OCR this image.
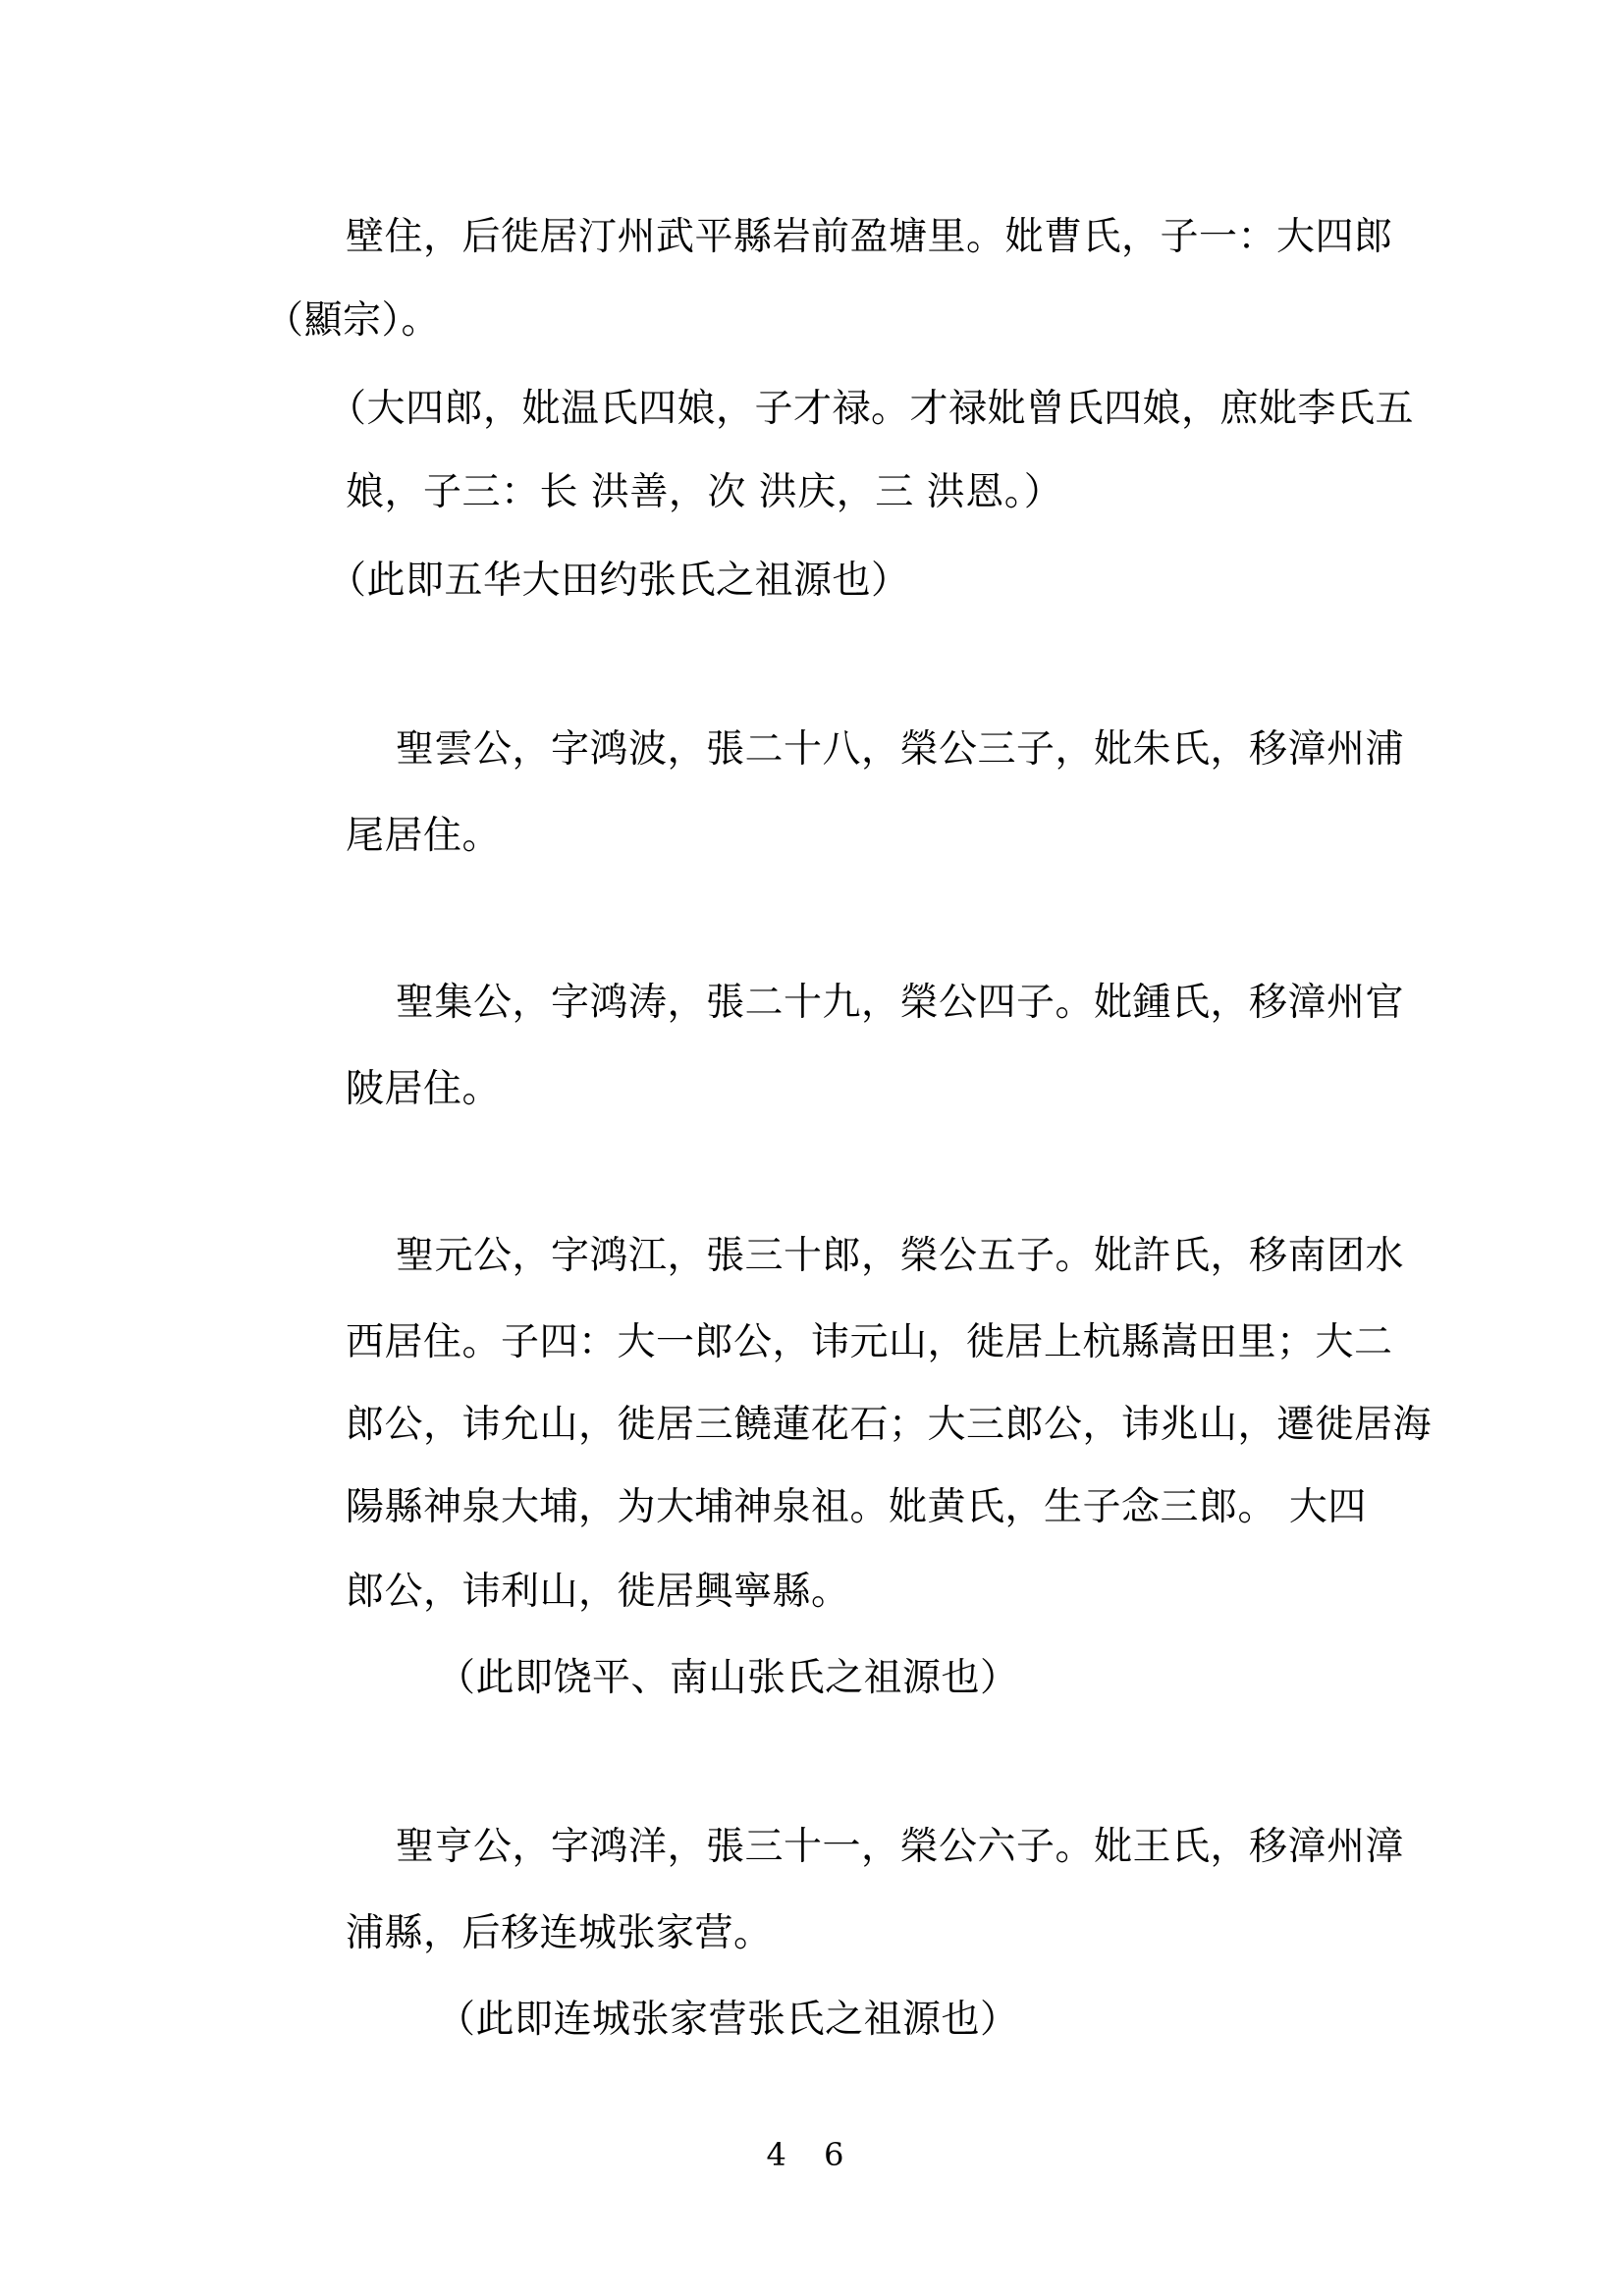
壁住，后徙居汀州武平縣岩前盈塘里。妣曹氏，子一：大四郎

（顯宗）。

（大四郎，妣温氏四娘，子才禄。才禄妣曾氏四娘，庶妣李氏五

娘，子三：长 洪善，次 洪庆，三 洪恩。）

（此即五华大田约张氏之祖源也）

聖雲公，字鸿波，張二十八，榮公三子，妣朱氏，移漳州浦

尾居住。

聖集公，字鸿涛，張二十九，榮公四子。妣鍾氏，移漳州官

陂居住。

聖元公，字鸿江，張三十郎，榮公五子。妣許氏，移南团水

西居住。子四：大一郎公，讳元山，徙居上杭縣嵩田里；大二

郎公，讳允山，徙居三饒蓮花石；大三郎公，讳兆山，遷徙居海

陽縣神泉大埔，为大埔神泉祖。妣黄氏，生子念三郎。 大四

郎公，讳利山，徙居興寧縣。

（此即饶平、南山张氏之祖源也）

聖亨公，字鸿洋，張三十一，榮公六子。妣王氏，移漳州漳

浦縣，后移连城张家营。

（此即连城张家营张氏之祖源也）

4 6
